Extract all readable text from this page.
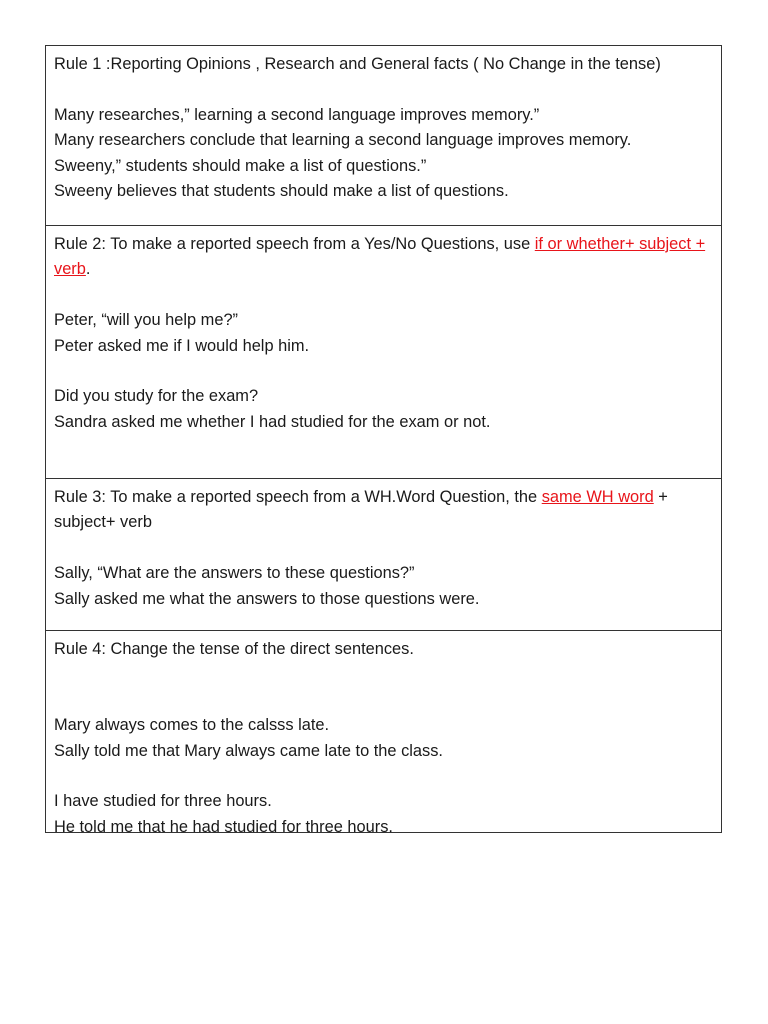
Rule 1 :Reporting Opinions , Research and General facts ( No Change in the tense)
Many researches,” learning a second language improves memory.”
Many researchers conclude that learning a second language improves memory.
Sweeny,” students should make a list of questions.”
Sweeny believes that students should make a list of questions.
Rule 2: To make a reported speech from a Yes/No Questions, use if or whether+ subject + verb.
Peter, “will you help me?”
Peter asked me if I would help him.
Did you study for the exam?
Sandra asked me whether I had studied for the exam or not.
Rule 3: To make a reported speech from a WH.Word Question, the same WH word + subject+ verb
Sally, “What are the answers to these questions?”
Sally asked me what the answers to those questions were.
Rule 4: Change the tense of the direct sentences.
Mary always comes to the calsss late.
Sally told me that Mary always came late to the class.
I have studied for three hours.
He told me that he had studied for three hours.
